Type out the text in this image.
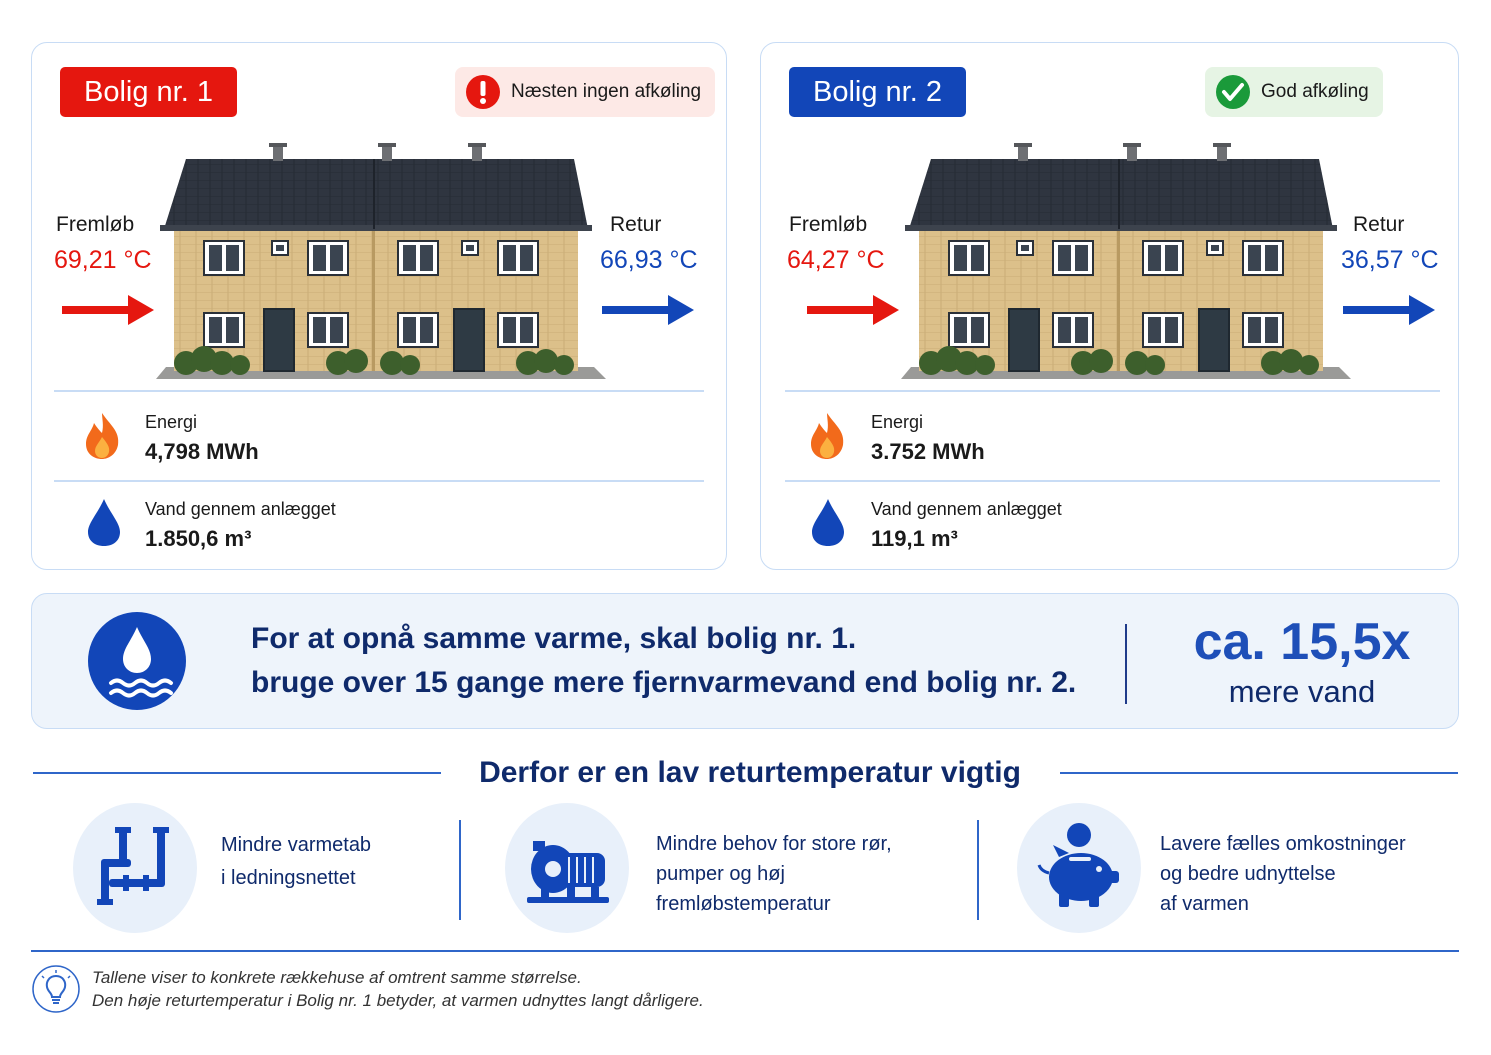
Bolig nr. 1	Næsten ingen afkøling
Fremløb
69,21 °C
Retur
66,93 °C
Energi
4,798 MWh
Vand gennem anlægget
1.850,6 m³
Bolig nr. 2	God afkøling
Fremløb
64,27 °C
Retur
36,57 °C
Energi
3.752 MWh
Vand gennem anlægget
119,1 m³
For at opnå samme varme, skal bolig nr. 1.
bruge over 15 gange mere fjernvarmevand end bolig nr. 2.
ca. 15,5x
mere vand
Derfor er en lav returtemperatur vigtig
Mindre varmetab
i ledningsnettet
Mindre behov for store rør,
pumper og høj
fremløbstemperatur
Lavere fælles omkostninger
og bedre udnyttelse
af varmen
Tallene viser to konkrete rækkehuse af omtrent samme størrelse.
Den høje returtemperatur i Bolig nr. 1 betyder, at varmen udnyttes langt dårligere.
